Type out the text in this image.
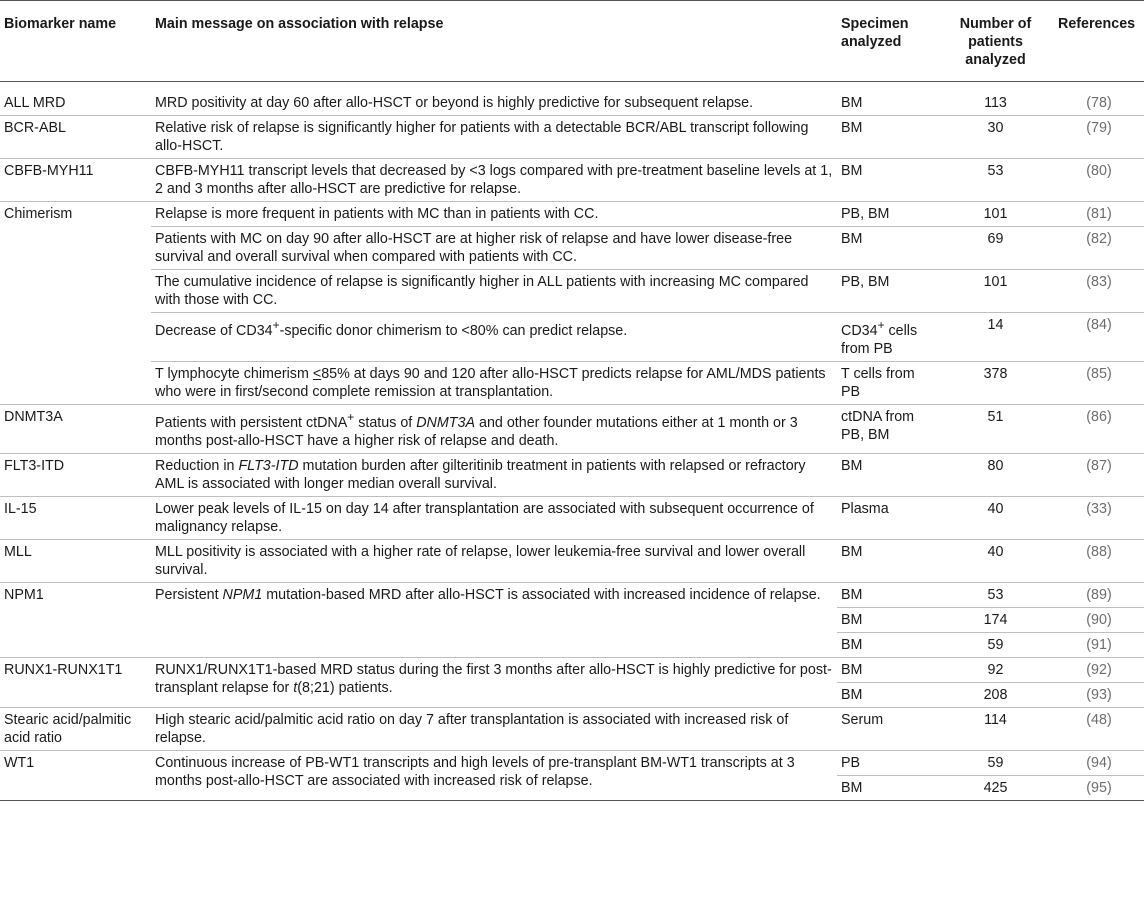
Biomarker name	Main message on association with relapse	Specimen analyzed	Number of patients analyzed	References
ALL MRD	MRD positivity at day 60 after allo-HSCT or beyond is highly predictive for subsequent relapse.	BM	113	(78)
BCR-ABL	Relative risk of relapse is significantly higher for patients with a detectable BCR/ABL transcript following allo-HSCT.	BM	30	(79)
CBFB-MYH11	CBFB-MYH11 transcript levels that decreased by <3 logs compared with pre-treatment baseline levels at 1, 2 and 3 months after allo-HSCT are predictive for relapse.	BM	53	(80)
Chimerism	Relapse is more frequent in patients with MC than in patients with CC.	PB, BM	101	(81)
	Patients with MC on day 90 after allo-HSCT are at higher risk of relapse and have lower disease-free survival and overall survival when compared with patients with CC.	BM	69	(82)
	The cumulative incidence of relapse is significantly higher in ALL patients with increasing MC compared with those with CC.	PB, BM	101	(83)
	Decrease of CD34+-specific donor chimerism to <80% can predict relapse.	CD34+ cells from PB	14	(84)
	T lymphocyte chimerism <85% at days 90 and 120 after allo-HSCT predicts relapse for AML/MDS patients who were in first/second complete remission at transplantation.	T cells from PB	378	(85)
DNMT3A	Patients with persistent ctDNA+ status of DNMT3A and other founder mutations either at 1 month or 3 months post-allo-HSCT have a higher risk of relapse and death.	ctDNA from PB, BM	51	(86)
FLT3-ITD	Reduction in FLT3-ITD mutation burden after gilteritinib treatment in patients with relapsed or refractory AML is associated with longer median overall survival.	BM	80	(87)
IL-15	Lower peak levels of IL-15 on day 14 after transplantation are associated with subsequent occurrence of malignancy relapse.	Plasma	40	(33)
MLL	MLL positivity is associated with a higher rate of relapse, lower leukemia-free survival and lower overall survival.	BM	40	(88)
NPM1	Persistent NPM1 mutation-based MRD after allo-HSCT is associated with increased incidence of relapse.	BM	53	(89)
		BM	174	(90)
		BM	59	(91)
RUNX1-RUNX1T1	RUNX1/RUNX1T1-based MRD status during the first 3 months after allo-HSCT is highly predictive for post-transplant relapse for t(8;21) patients.	BM	92	(92)
		BM	208	(93)
Stearic acid/palmitic acid ratio	High stearic acid/palmitic acid ratio on day 7 after transplantation is associated with increased risk of relapse.	Serum	114	(48)
WT1	Continuous increase of PB-WT1 transcripts and high levels of pre-transplant BM-WT1 transcripts at 3 months post-allo-HSCT are associated with increased risk of relapse.	PB	59	(94)
		BM	425	(95)
